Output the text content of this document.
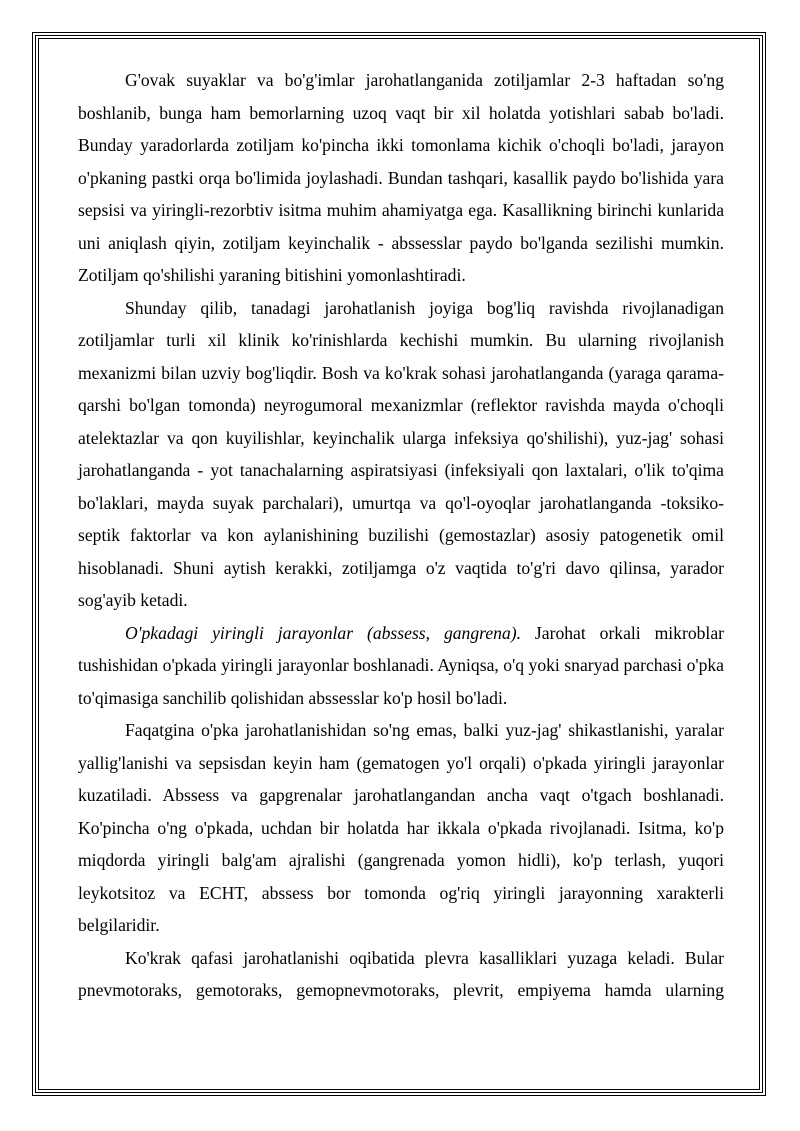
G'ovak suyaklar va bo'g'imlar jarohatlanganida zotiljamlar 2-3 haftadan so'ng boshlanib, bunga ham bemorlarning uzoq vaqt bir xil holatda yotishlari sabab bo'ladi. Bunday yaradorlarda zotiljam ko'pincha ikki tomonlama kichik o'choqli bo'ladi, jarayon o'pkaning pastki orqa bo'limida joylashadi. Bundan tashqari, kasallik paydo bo'lishida yara sepsisi va yiringli-rezorbtiv isitma muhim ahamiyatga ega. Kasallikning birinchi kunlarida uni aniqlash qiyin, zotiljam keyinchalik - abssesslar paydo bo'lganda sezilishi mumkin. Zotiljam qo'shilishi yaraning bitishini yomonlashtiradi.

Shunday qilib, tanadagi jarohatlanish joyiga bog'liq ravishda rivojlanadigan zotiljamlar turli xil klinik ko'rinishlarda kechishi mumkin. Bu ularning rivojlanish mexanizmi bilan uzviy bog'liqdir. Bosh va ko'krak sohasi jarohatlanganda (yaraga qarama-qarshi bo'lgan tomonda) neyrogumoral mexanizmlar (reflektor ravishda mayda o'choqli atelektazlar va qon kuyilishlar, keyinchalik ularga infeksiya qo'shilishi), yuz-jag' sohasi jarohatlanganda - yot tanachalarning aspiratsiyasi (infeksiyali qon laxtalari, o'lik to'qima bo'laklari, mayda suyak parchalari), umurtqa va qo'l-oyoqlar jarohatlanganda -toksiko-septik faktorlar va kon aylanishining buzilishi (gemostazlar) asosiy patogenetik omil hisoblanadi. Shuni aytish kerakki, zotiljamga o'z vaqtida to'g'ri davo qilinsa, yarador sog'ayib ketadi.

O'pkadagi yiringli jarayonlar (abssess, gangrena). Jarohat orkali mikroblar tushishidan o'pkada yiringli jarayonlar boshlanadi. Ayniqsa, o'q yoki snaryad parchasi o'pka to'qimasiga sanchilib qolishidan abssesslar ko'p hosil bo'ladi.

Faqatgina o'pka jarohatlanishidan so'ng emas, balki yuz-jag' shikastlanishi, yaralar yallig'lanishi va sepsisdan keyin ham (gematogen yo'l orqali) o'pkada yiringli jarayonlar kuzatiladi. Abssess va gapgrenalar jarohatlangandan ancha vaqt o'tgach boshlanadi. Ko'pincha o'ng o'pkada, uchdan bir holatda har ikkala o'pkada rivojlanadi. Isitma, ko'p miqdorda yiringli balg'am ajralishi (gangrenada yomon hidli), ko'p terlash, yuqori leykotsitoz va ECHT, abssess bor tomonda og'riq yiringli jarayonning xarakterli belgilaridir.

Ko'krak qafasi jarohatlanishi oqibatida plevra kasalliklari yuzaga keladi. Bular pnevmotoraks, gemotoraks, gemopnevmotoraks, plevrit, empiyema hamda ularning
